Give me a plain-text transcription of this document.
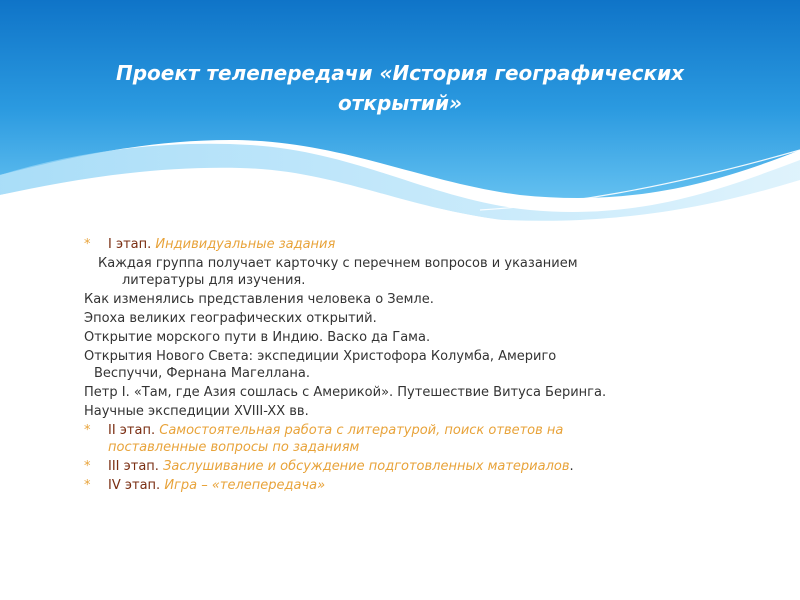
Проект телепередачи «История географических
открытий»
* I этап. Индивидуальные задания
Каждая группа получает карточку с перечнем вопросов и указанием
литературы для изучения.
Как изменялись представления человека о Земле.
Эпоха великих географических открытий.
Открытие морского пути в Индию. Васко да Гама.
Открытия Нового Света: экспедиции Христофора Колумба, Америго
Веспуччи, Фернана Магеллана.
Петр I. «Там, где Азия сошлась с Америкой». Путешествие Витуса Беринга.
Научные экспедиции XVIII-XX вв.
* II этап. Самостоятельная работа с литературой, поиск ответов на
поставленные вопросы по заданиям
* III этап. Заслушивание и обсуждение подготовленных материалов.
* IV этап. Игра – «телепередача»
